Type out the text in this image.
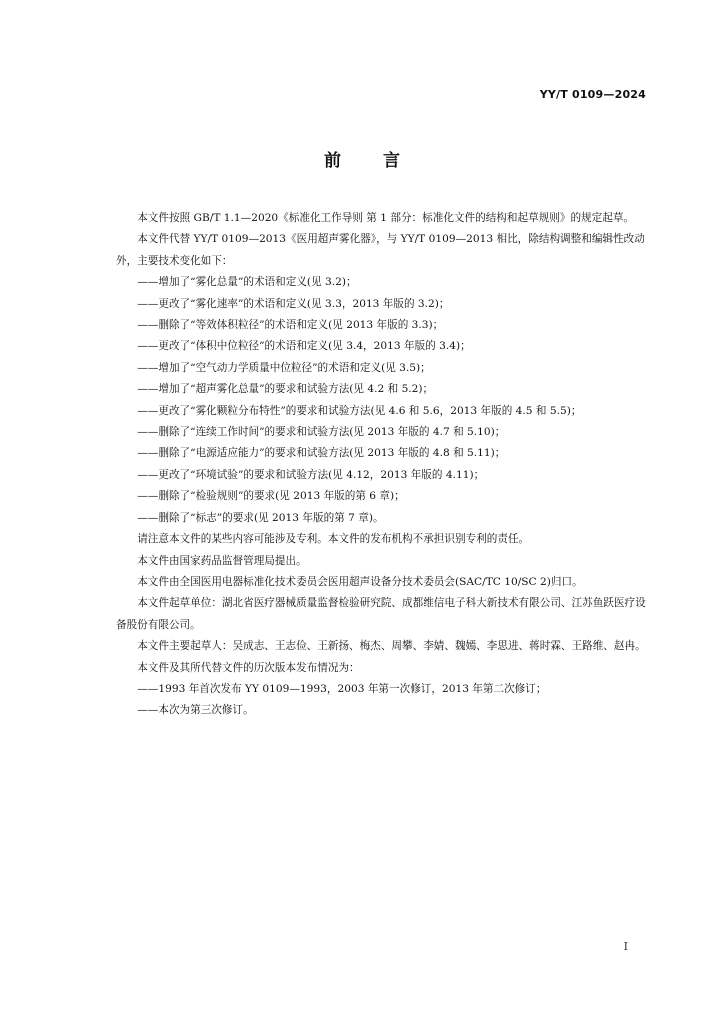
YY/T 0109—2024
前言

本文件按照 GB/T 1.1—2020《标准化工作导则 第 1 部分：标准化文件的结构和起草规则》的规定起草。

本文件代替 YY/T 0109—2013《医用超声雾化器》，与 YY/T 0109—2013 相比，除结构调整和编辑性改动外，主要技术变化如下：

——增加了“雾化总量”的术语和定义(见 3.2)；

——更改了“雾化速率”的术语和定义(见 3.3，2013 年版的 3.2)；

——删除了“等效体积粒径”的术语和定义(见 2013 年版的 3.3)；

——更改了“体积中位粒径”的术语和定义(见 3.4，2013 年版的 3.4)；

——增加了“空气动力学质量中位粒径”的术语和定义(见 3.5)；

——增加了“超声雾化总量”的要求和试验方法(见 4.2 和 5.2)；

——更改了“雾化颗粒分布特性”的要求和试验方法(见 4.6 和 5.6，2013 年版的 4.5 和 5.5)；

——删除了“连续工作时间”的要求和试验方法(见 2013 年版的 4.7 和 5.10)；

——删除了“电源适应能力”的要求和试验方法(见 2013 年版的 4.8 和 5.11)；

——更改了“环境试验”的要求和试验方法(见 4.12，2013 年版的 4.11)；

——删除了“检验规则”的要求(见 2013 年版的第 6 章)；

——删除了“标志”的要求(见 2013 年版的第 7 章)。

请注意本文件的某些内容可能涉及专利。本文件的发布机构不承担识别专利的责任。

本文件由国家药品监督管理局提出。

本文件由全国医用电器标准化技术委员会医用超声设备分技术委员会(SAC/TC 10/SC 2)归口。

本文件起草单位：湖北省医疗器械质量监督检验研究院、成都维信电子科大新技术有限公司、江苏鱼跃医疗设备股份有限公司。

本文件主要起草人：吴成志、王志俭、王新扬、梅杰、周攀、李婧、魏嫣、李思进、蒋时霖、王路维、赵冉。

本文件及其所代替文件的历次版本发布情况为：

——1993 年首次发布 YY 0109—1993，2003 年第一次修订，2013 年第二次修订；

——本次为第三次修订。

I
